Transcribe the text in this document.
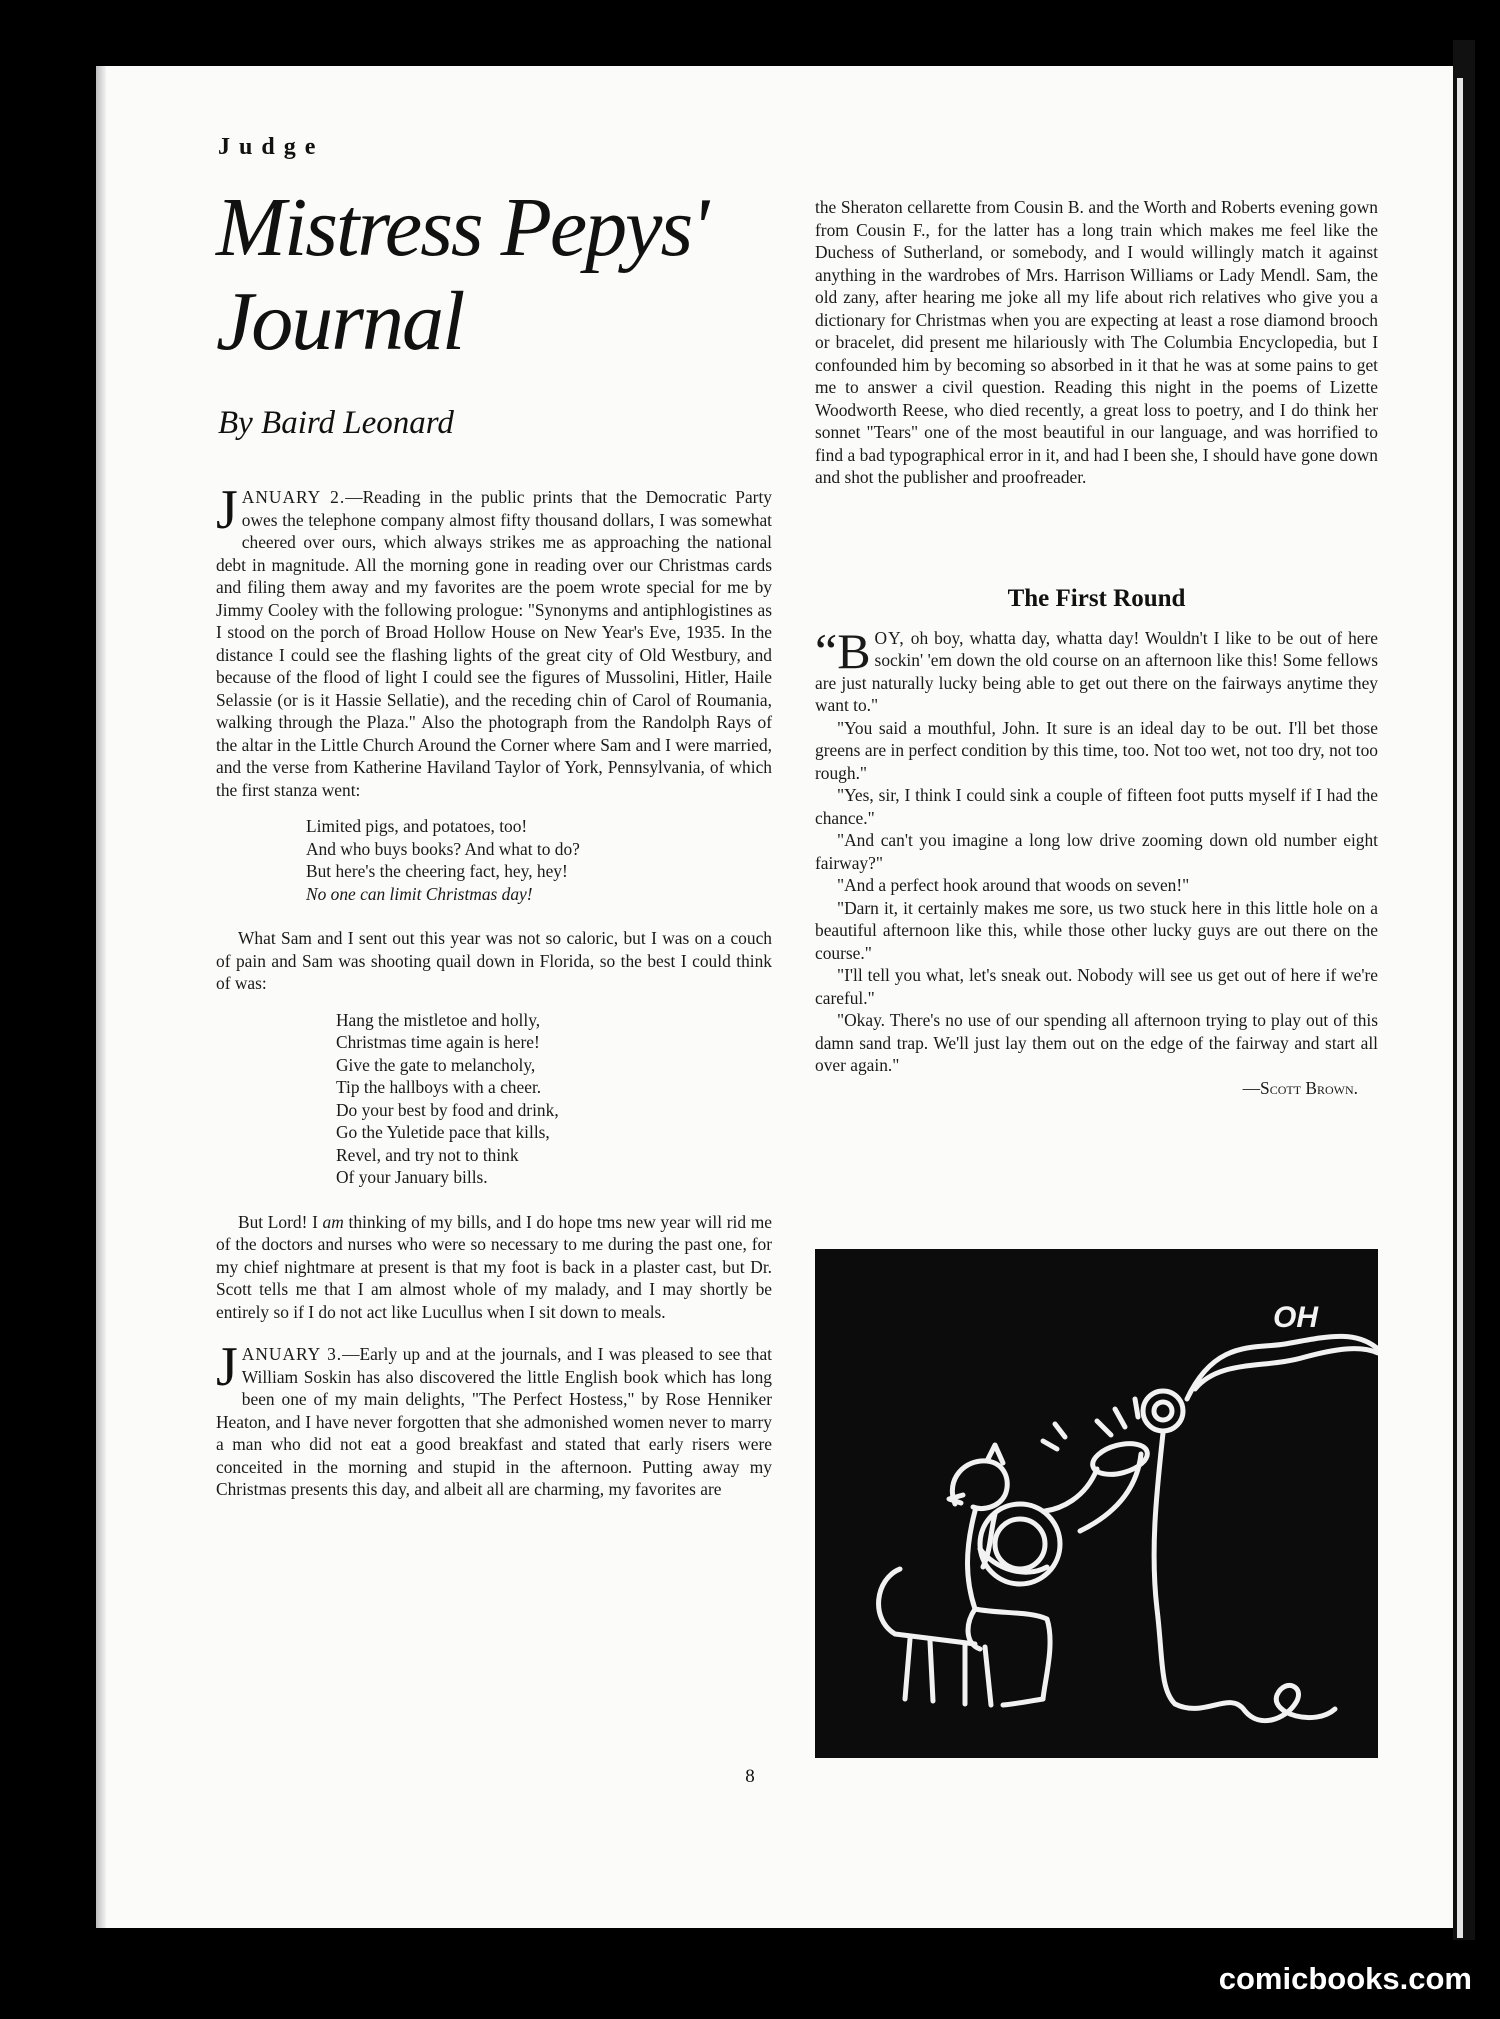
Judge
Mistress Pepys'
Journal
By Baird Leonard

JANUARY 2.—Reading in the public prints that the Democratic Party owes the telephone company almost fifty thousand dollars, I was somewhat cheered over ours, which always strikes me as approaching the national debt in magnitude. All the morning gone in reading over our Christmas cards and filing them away and my favorites are the poem wrote special for me by Jimmy Cooley with the following prologue: "Synonyms and antiphlogistines as I stood on the porch of Broad Hollow House on New Year's Eve, 1935. In the distance I could see the flashing lights of the great city of Old Westbury, and because of the flood of light I could see the figures of Mussolini, Hitler, Haile Selassie (or is it Hassie Sellatie), and the receding chin of Carol of Roumania, walking through the Plaza." Also the photograph from the Randolph Rays of the altar in the Little Church Around the Corner where Sam and I were married, and the verse from Katherine Haviland Taylor of York, Pennsylvania, of which the first stanza went:

Limited pigs, and potatoes, too!
And who buys books? And what to do?
But here's the cheering fact, hey, hey!
No one can limit Christmas day!

What Sam and I sent out this year was not so caloric, but I was on a couch of pain and Sam was shooting quail down in Florida, so the best I could think of was:

Hang the mistletoe and holly,
Christmas time again is here!
Give the gate to melancholy,
Tip the hallboys with a cheer.
Do your best by food and drink,
Go the Yuletide pace that kills,
Revel, and try not to think
Of your January bills.

But Lord! I am thinking of my bills, and I do hope tms new year will rid me of the doctors and nurses who were so necessary to me during the past one, for my chief nightmare at present is that my foot is back in a plaster cast, but Dr. Scott tells me that I am almost whole of my malady, and I may shortly be entirely so if I do not act like Lucullus when I sit down to meals.

JANUARY 3.—Early up and at the journals, and I was pleased to see that William Soskin has also discovered the little English book which has long been one of my main delights, "The Perfect Hostess," by Rose Henniker Heaton, and I have never forgotten that she admonished women never to marry a man who did not eat a good breakfast and stated that early risers were conceited in the morning and stupid in the afternoon. Putting away my Christmas presents this day, and albeit all are charming, my favorites are

the Sheraton cellarette from Cousin B. and the Worth and Roberts evening gown from Cousin F., for the latter has a long train which makes me feel like the Duchess of Sutherland, or somebody, and I would willingly match it against anything in the wardrobes of Mrs. Harrison Williams or Lady Mendl. Sam, the old zany, after hearing me joke all my life about rich relatives who give you a dictionary for Christmas when you are expecting at least a rose diamond brooch or bracelet, did present me hilariously with The Columbia Encyclopedia, but I confounded him by becoming so absorbed in it that he was at some pains to get me to answer a civil question. Reading this night in the poems of Lizette Woodworth Reese, who died recently, a great loss to poetry, and I do think her sonnet "Tears" one of the most beautiful in our language, and was horrified to find a bad typographical error in it, and had I been she, I should have gone down and shot the publisher and proofreader.

The First Round

“BOY, oh boy, whatta day, whatta day! Wouldn't I like to be out of here sockin' 'em down the old course on an afternoon like this! Some fellows are just naturally lucky being able to get out there on the fairways anytime they want to."

"You said a mouthful, John. It sure is an ideal day to be out. I'll bet those greens are in perfect condition by this time, too. Not too wet, not too dry, not too rough."

"Yes, sir, I think I could sink a couple of fifteen foot putts myself if I had the chance."

"And can't you imagine a long low drive zooming down old number eight fairway?"

"And a perfect hook around that woods on seven!"

"Darn it, it certainly makes me sore, us two stuck here in this little hole on a beautiful afternoon like this, while those other lucky guys are out there on the course."

"I'll tell you what, let's sneak out. Nobody will see us get out of here if we're careful."

"Okay. There's no use of our spending all afternoon trying to play out of this damn sand trap. We'll just lay them out on the edge of the fairway and start all over again."

—Scott Brown.
OH
8
comicbooks.com
